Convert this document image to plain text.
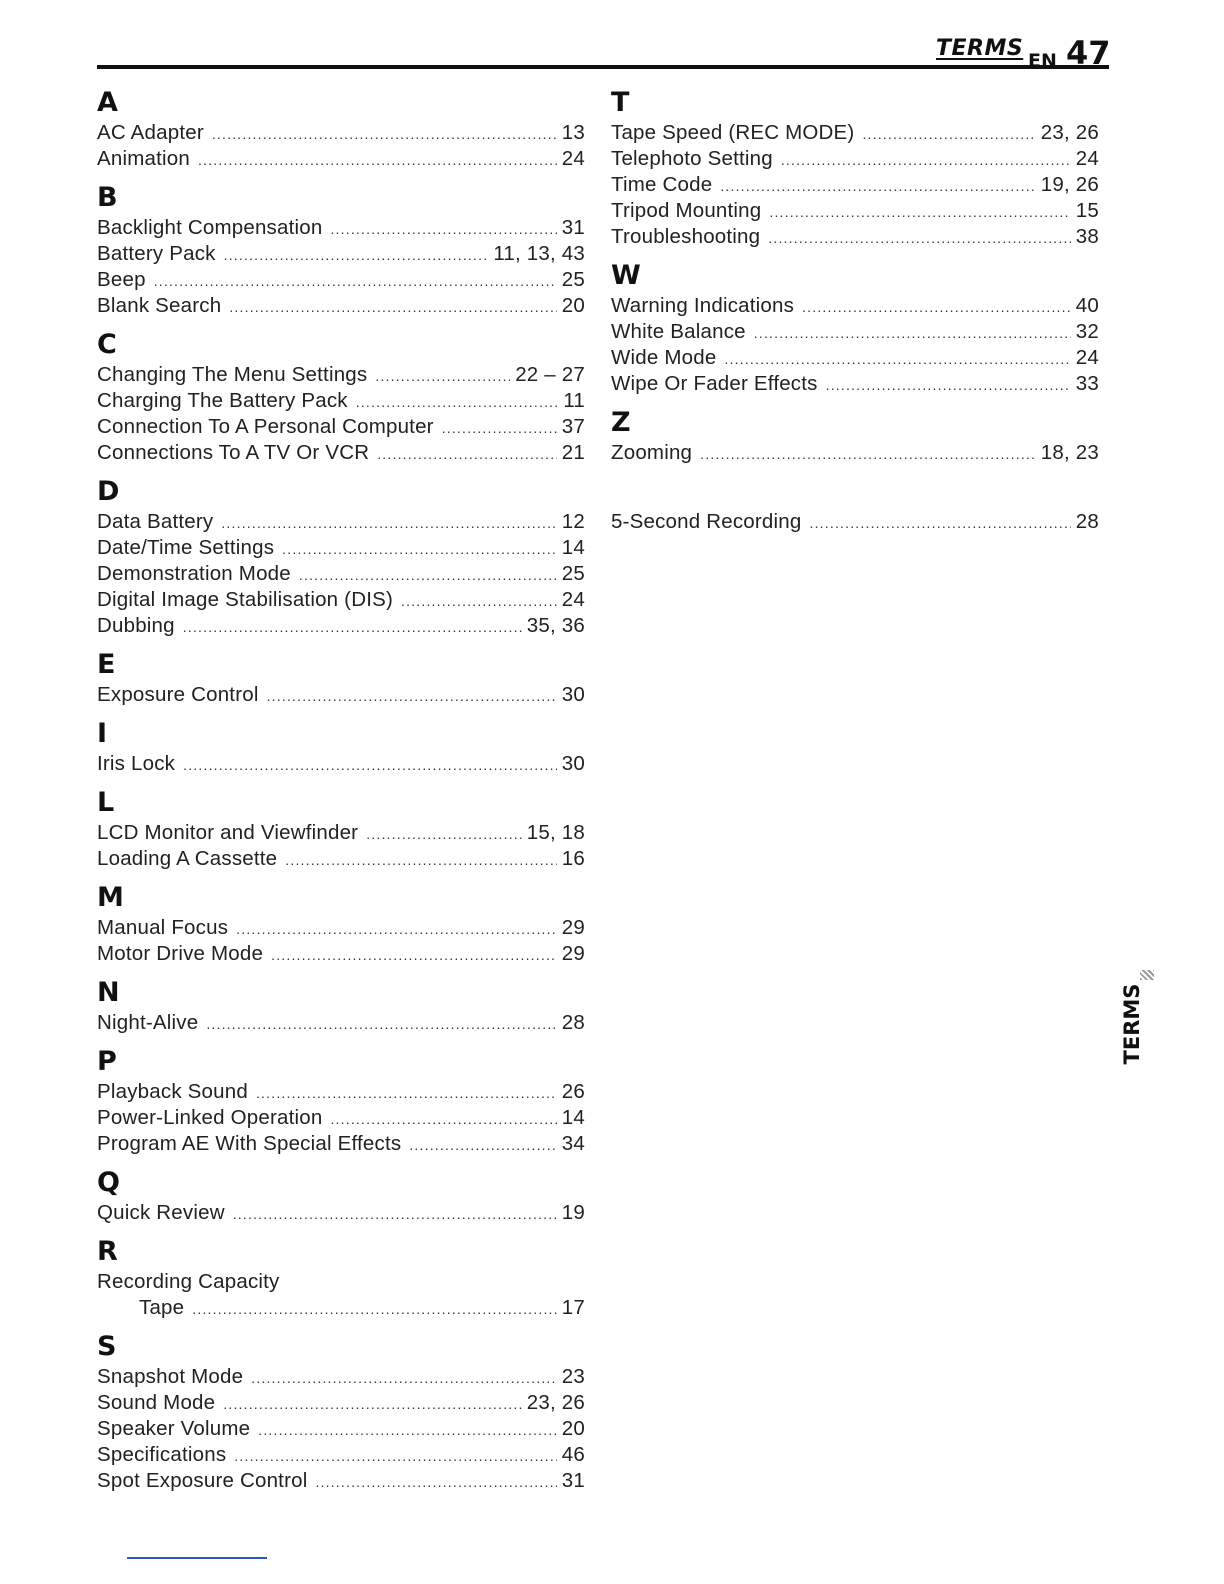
TERMS EN 47
A
AC Adapter .....	13
Animation .....	24
B
Backlight Compensation .....	31
Battery Pack .....	11, 13, 43
Beep .....	25
Blank Search .....	20
C
Changing The Menu Settings .....	22 – 27
Charging The Battery Pack .....	11
Connection To A Personal Computer .....	37
Connections To A TV Or VCR .....	21
D
Data Battery .....	12
Date/Time Settings .....	14
Demonstration Mode .....	25
Digital Image Stabilisation (DIS) .....	24
Dubbing .....	35, 36
E
Exposure Control .....	30
I
Iris Lock .....	30
L
LCD Monitor and Viewfinder .....	15, 18
Loading A Cassette .....	16
M
Manual Focus .....	29
Motor Drive Mode .....	29
N
Night-Alive .....	28
P
Playback Sound .....	26
Power-Linked Operation .....	14
Program AE With Special Effects .....	34
Q
Quick Review .....	19
R
Recording Capacity
Tape .....	17
S
Snapshot Mode .....	23
Sound Mode .....	23, 26
Speaker Volume .....	20
Specifications .....	46
Spot Exposure Control .....	31
T
Tape Speed (REC MODE) .....	23, 26
Telephoto Setting .....	24
Time Code .....	19, 26
Tripod Mounting .....	15
Troubleshooting .....	38
W
Warning Indications .....	40
White Balance .....	32
Wide Mode .....	24
Wipe Or Fader Effects .....	33
Z
Zooming .....	18, 23
5-Second Recording .....	28
TERMS
